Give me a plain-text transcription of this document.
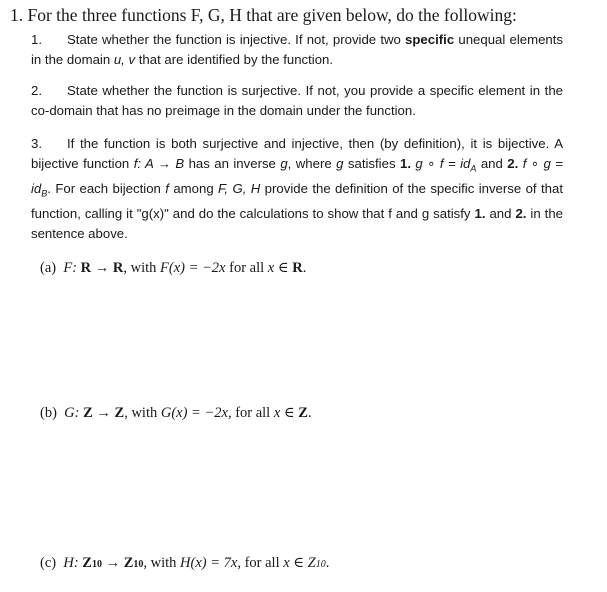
1. For the three functions F, G, H that are given below, do the following:
1. State whether the function is injective. If not, provide two specific unequal elements in the domain u, v that are identified by the function.
2. State whether the function is surjective. If not, you provide a specific element in the co-domain that has no preimage in the domain under the function.
3. If the function is both surjective and injective, then (by definition), it is bijective. A bijective function f: A → B has an inverse g, where g satisfies 1. g ∘ $f = id_A$ and 2. f ∘ $g = id_B$. For each bijection f among F, G, H provide the definition of the specific inverse of that function, calling it "g(x)" and do the calculations to show that f and g satisfy 1. and 2. in the sentence above.
(a) F: R → R, with F(x) = −2x for all x ∈ R.
(b) G: Z → Z, with G(x) = −2x, for all x ∈ Z.
(c) H: Z10 → Z10, with H(x) = 7x, for all x ∈ Z10.
